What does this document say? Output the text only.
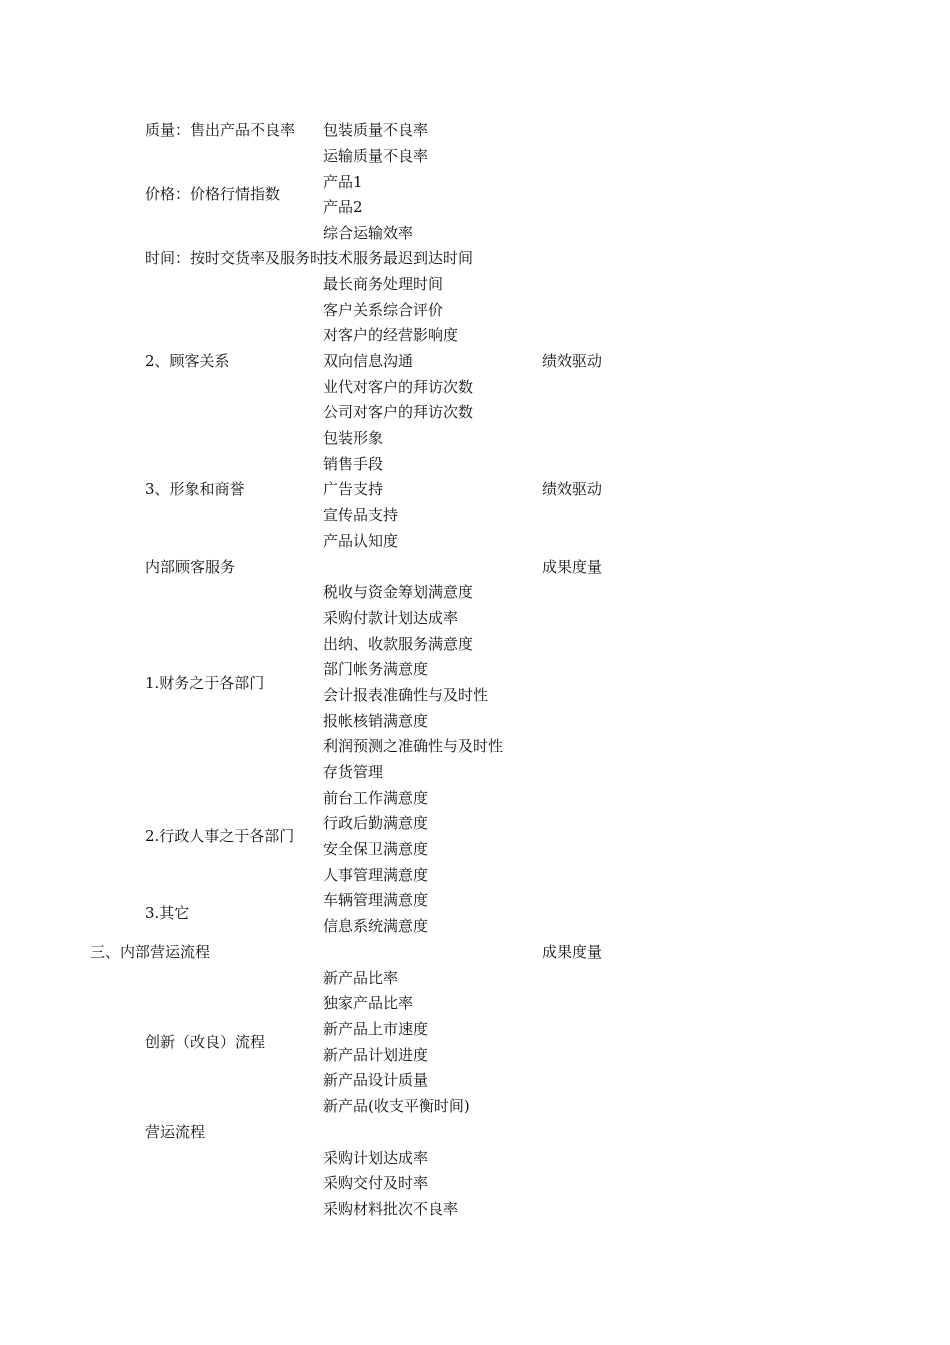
质量：售出产品不良率
价格：价格行情指数
时间：按时交货率及服务时
2、顾客关系
3、形象和商誉
内部顾客服务
1.财务之于各部门
2.行政人事之于各部门
3.其它
三、内部营运流程
创新（改良）流程
营运流程
包装质量不良率
运输质量不良率
产品1
产品2
综合运输效率
技术服务最迟到达时间
最长商务处理时间
客户关系综合评价
对客户的经营影响度
双向信息沟通
业代对客户的拜访次数
公司对客户的拜访次数
包装形象
销售手段
广告支持
宣传品支持
产品认知度
税收与资金筹划满意度
采购付款计划达成率
出纳、收款服务满意度
部门帐务满意度
会计报表准确性与及时性
报帐核销满意度
利润预测之准确性与及时性
存货管理
前台工作满意度
行政后勤满意度
安全保卫满意度
人事管理满意度
车辆管理满意度
信息系统满意度
新产品比率
独家产品比率
新产品上市速度
新产品计划进度
新产品设计质量
新产品(收支平衡时间)
采购计划达成率
采购交付及时率
采购材料批次不良率
绩效驱动
绩效驱动
成果度量
成果度量
